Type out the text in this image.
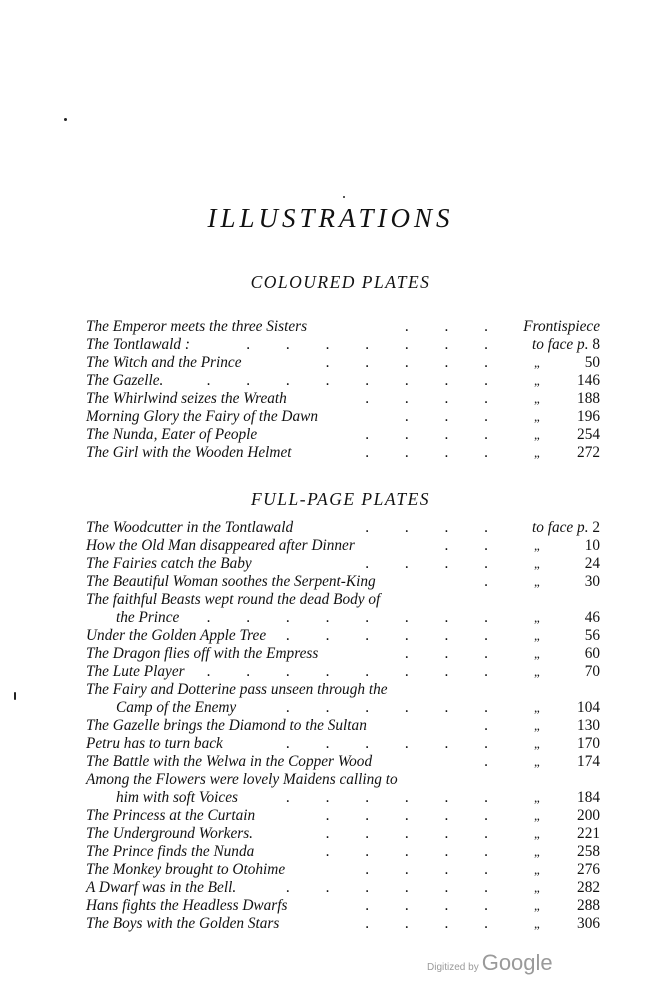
ILLUSTRATIONS
COLOURED PLATES
The Emperor meets the three Sisters	. . . Frontispiece
The Tontlawald :	. . . . . . . to face p. 8
The Witch and the Prince	. . . . . „	50
The Gazelle.	. . . . . . . . „ 146
The Whirlwind seizes the Wreath	. . . . „ 188
Morning Glory the Fairy of the Dawn	. . . „ 196
The Nunda, Eater of People	. . . . „ 254
The Girl with the Wooden Helmet	. . . . „ 272
FULL-PAGE PLATES
The Woodcutter in the Tontlawald	. . . . to face p. 2
How the Old Man disappeared after Dinner	. . „	10
The Fairies catch the Baby	. . . . „	24
The Beautiful Woman soothes the Serpent-King	. „	30
The faithful Beasts wept round the dead Body of
the Prince . . . . . . . . „	46
Under the Golden Apple Tree . . . . . . „	56
The Dragon flies off with the Empress	. . . „	60
The Lute Player . . . . . . . . „	70
The Fairy and Dotterine pass unseen through the
Camp of the Enemy	. . . . . . „ 104
The Gazelle brings the Diamond to the Sultan	. „ 130
Petru has to turn back	. . . . . . „ 170
The Battle with the Welwa in the Copper Wood	. „ 174
Among the Flowers were lovely Maidens calling to
him with soft Voices	. . . . . . „ 184
The Princess at the Curtain	. . . . . „ 200
The Underground Workers.	. . . . . „ 221
The Prince finds the Nunda	. . . . . „ 258
The Monkey brought to Otohime	. . . . „ 276
A Dwarf was in the Bell.	. . . . . . „ 282
Hans fights the Headless Dwarfs	. . . . „ 288
The Boys with the Golden Stars	. . . . „ 306
Digitized by Google
